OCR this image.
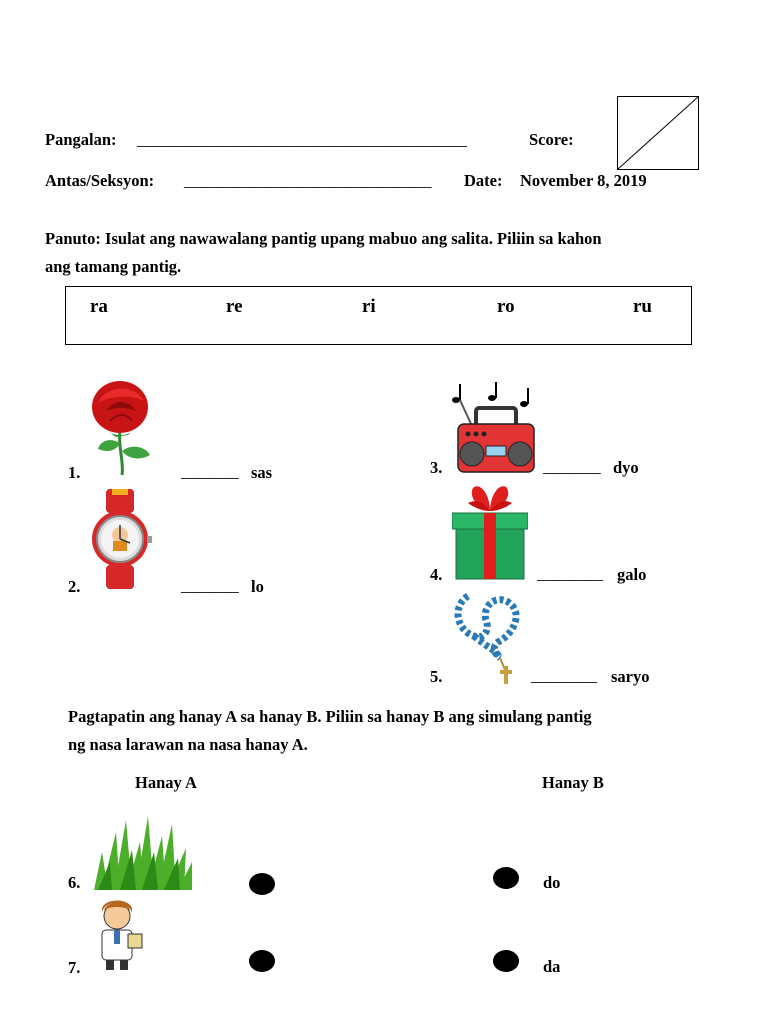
Pangalan: ________________________________________	Score:
Antas/Seksyon: ______________________________ Date: November 8, 2019
Panuto: Isulat ang nawawalang pantig upang mabuo ang salita. Piliin sa kahon
ang tamang pantig.
ra	re	ri	ro	ru
1.	_______ sas
2.	_______ lo
3.	_______ dyo
4.	________ galo
5.	________ saryo
Pagtapatin ang hanay A sa hanay B. Piliin sa hanay B ang simulang pantig
ng nasa larawan na nasa hanay A.
Hanay A	Hanay B
6.	do
7.	da
